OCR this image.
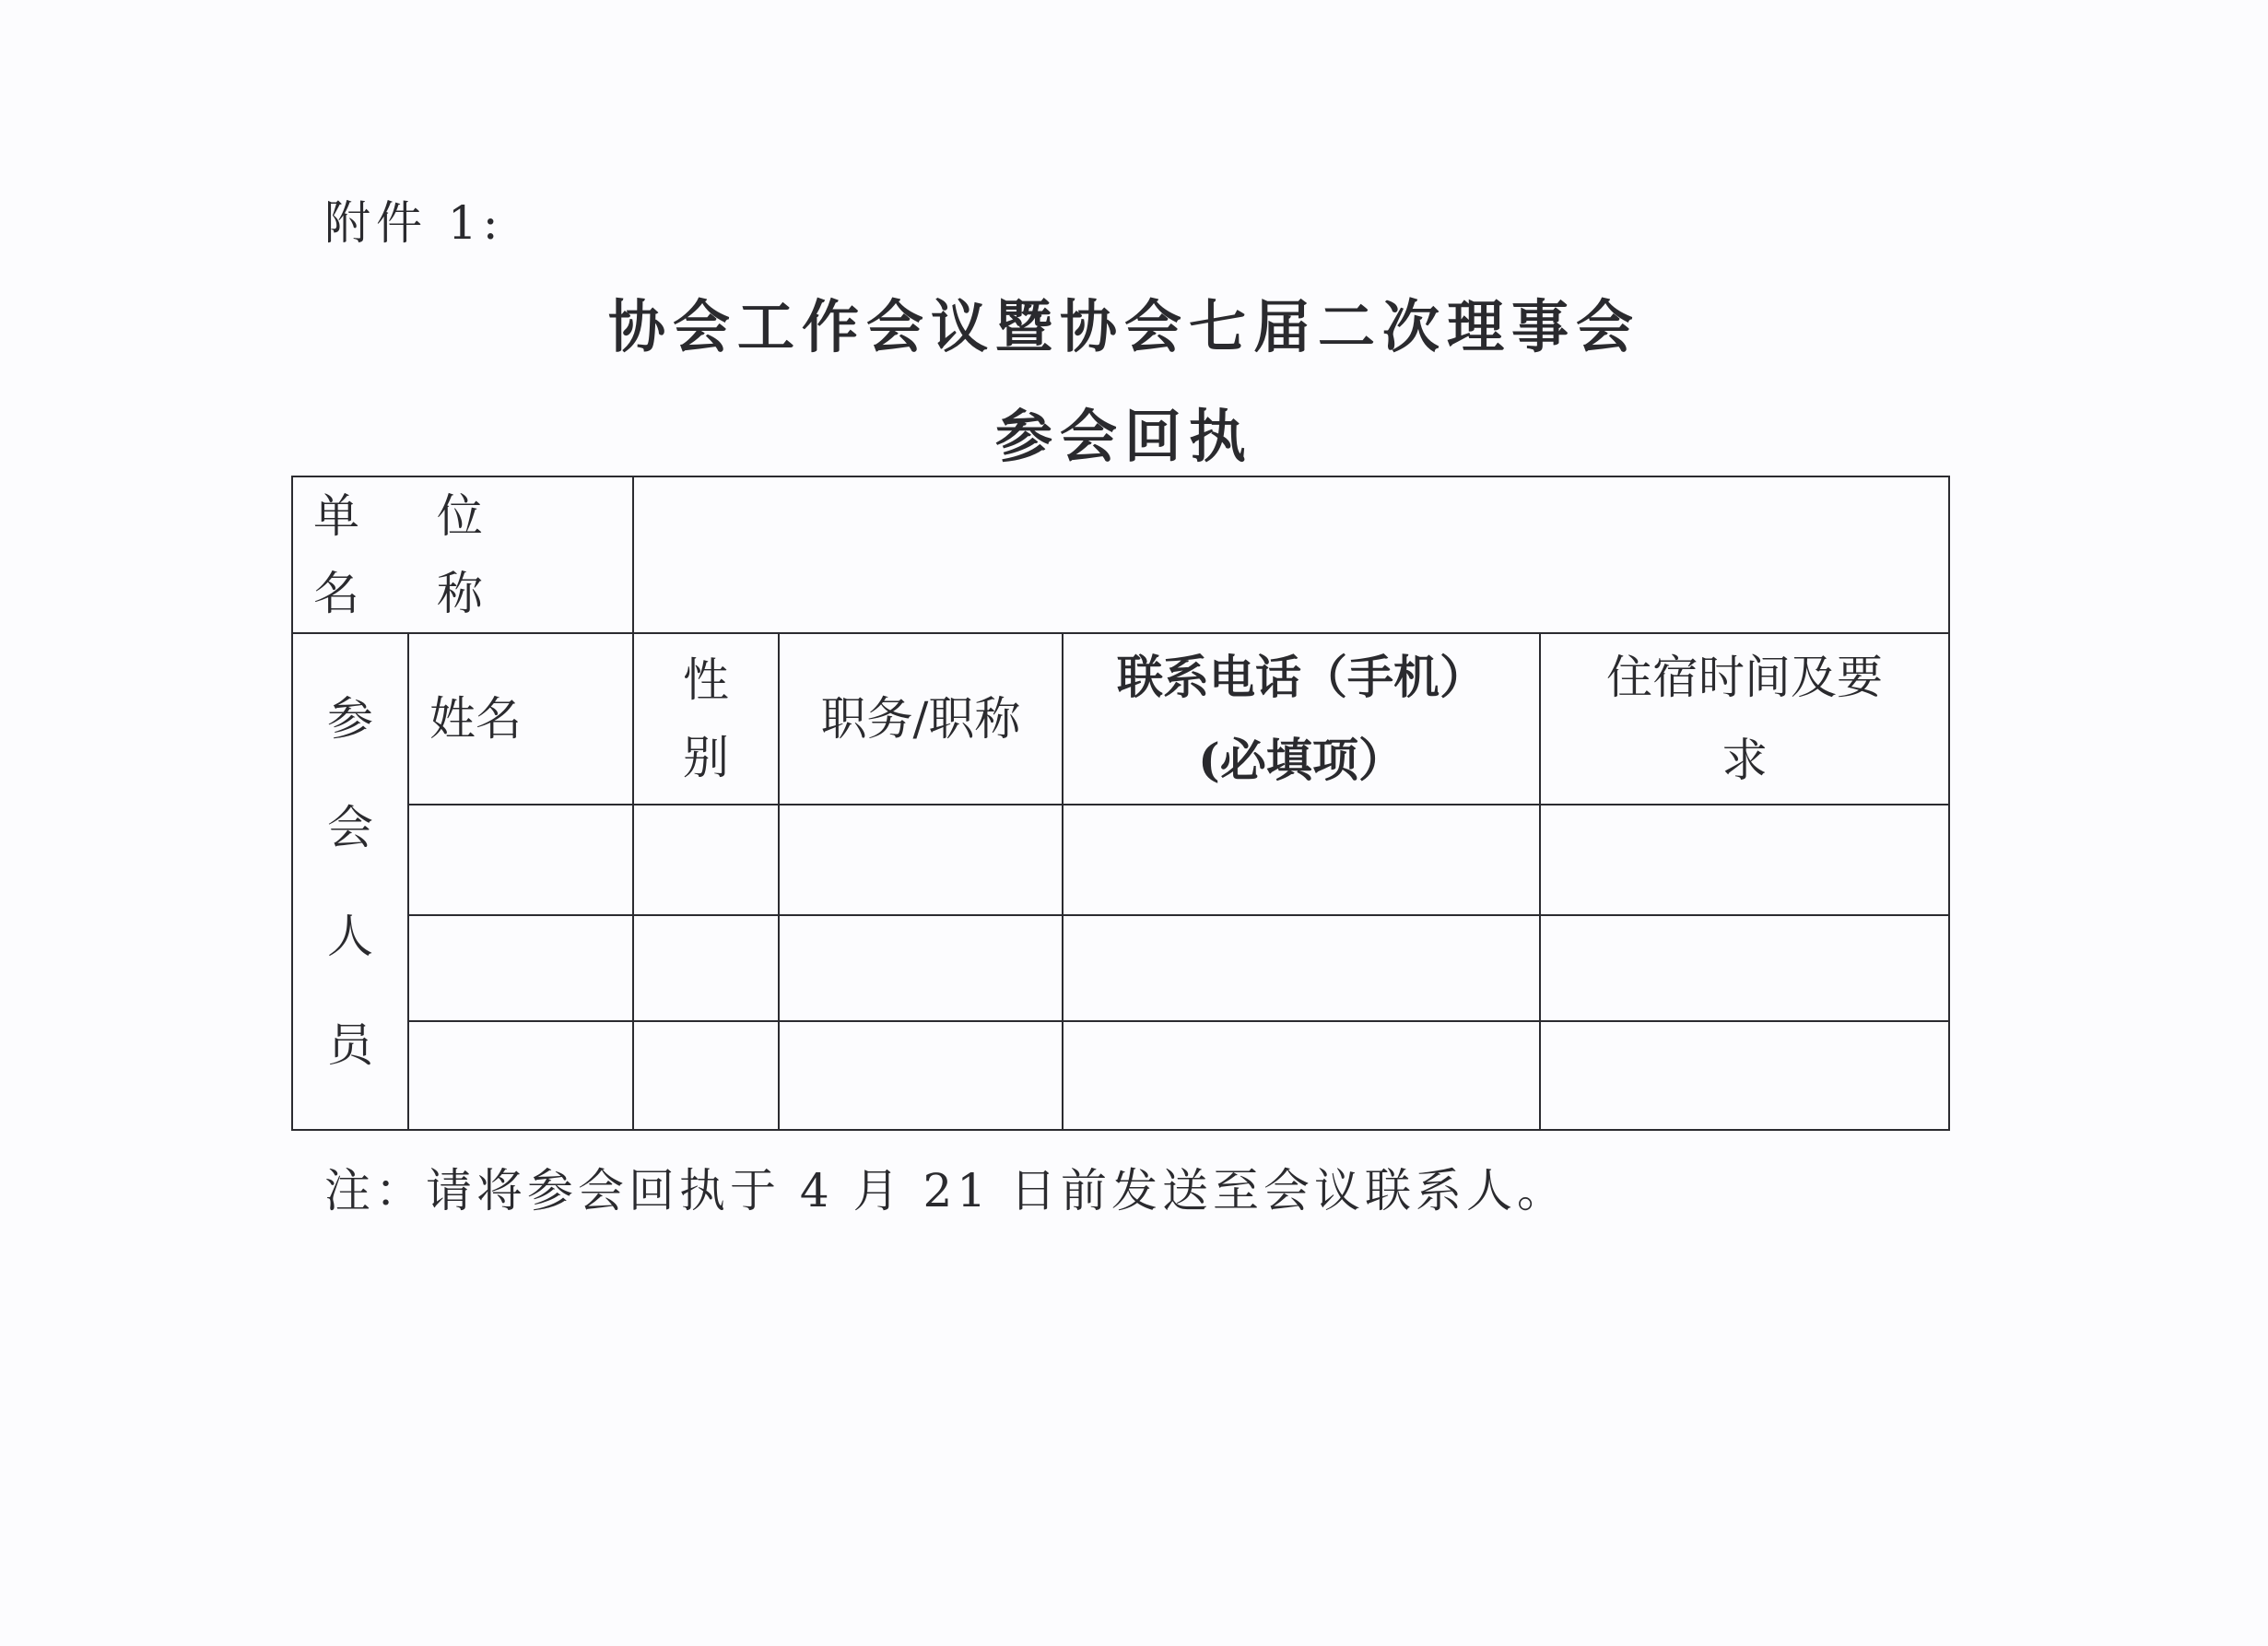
附件 1:
协会工作会议暨协会七届二次理事会
参会回执
单 位 名 称					

参
会
人
员	姓名	性别	职务/职称	联系电话（手机）(必填项）	住宿时间及要求

注：请将参会回执于 4 月 21 日前发送至会议联系人。
